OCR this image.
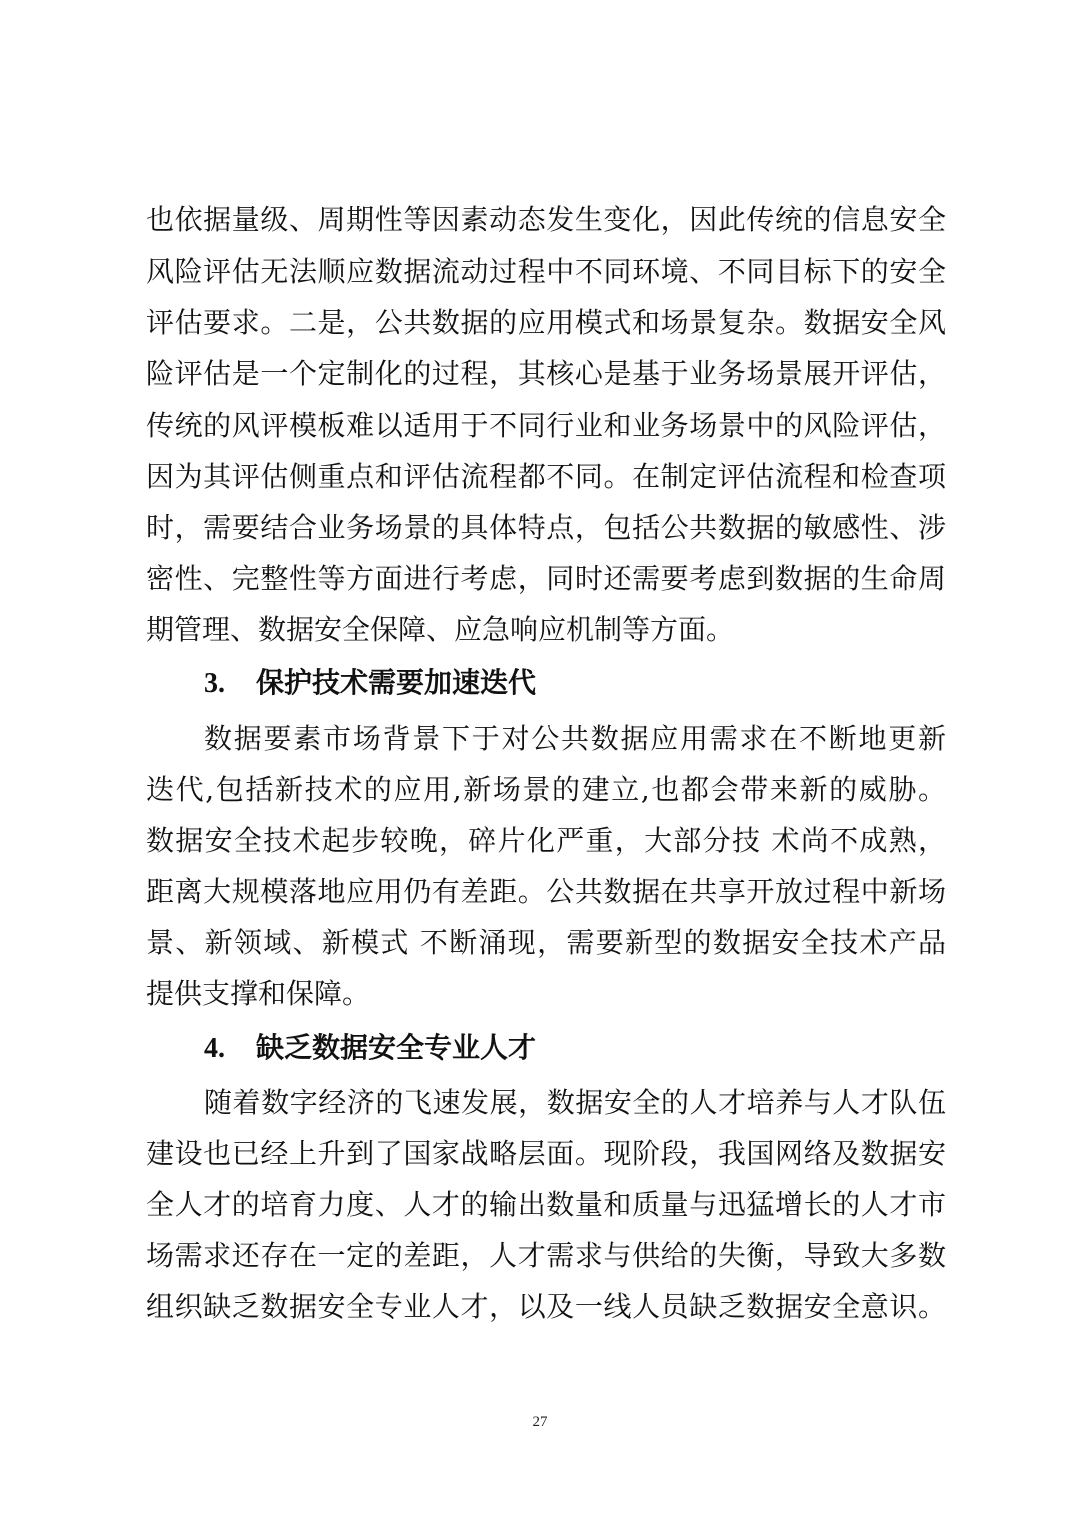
也依据量级、周期性等因素动态发生变化，因此传统的信息安全
风险评估无法顺应数据流动过程中不同环境、不同目标下的安全
评估要求。二是，公共数据的应用模式和场景复杂。数据安全风
险评估是一个定制化的过程，其核心是基于业务场景展开评估，
传统的风评模板难以适用于不同行业和业务场景中的风险评估，
因为其评估侧重点和评估流程都不同。在制定评估流程和检查项
时，需要结合业务场景的具体特点，包括公共数据的敏感性、涉
密性、完整性等方面进行考虑，同时还需要考虑到数据的生命周
期管理、数据安全保障、应急响应机制等方面。
3. 保护技术需要加速迭代
数据要素市场背景下于对公共数据应用需求在不断地更新
迭代,包括新技术的应用,新场景的建立,也都会带来新的威胁。
数据安全技术起步较晚，碎片化严重，大部分技 术尚不成熟，
距离大规模落地应用仍有差距。公共数据在共享开放过程中新场
景、新领域、新模式 不断涌现，需要新型的数据安全技术产品
提供支撑和保障。
4. 缺乏数据安全专业人才
随着数字经济的飞速发展，数据安全的人才培养与人才队伍
建设也已经上升到了国家战略层面。现阶段，我国网络及数据安
全人才的培育力度、人才的输出数量和质量与迅猛增长的人才市
场需求还存在一定的差距，人才需求与供给的失衡，导致大多数
组织缺乏数据安全专业人才，以及一线人员缺乏数据安全意识。
27
